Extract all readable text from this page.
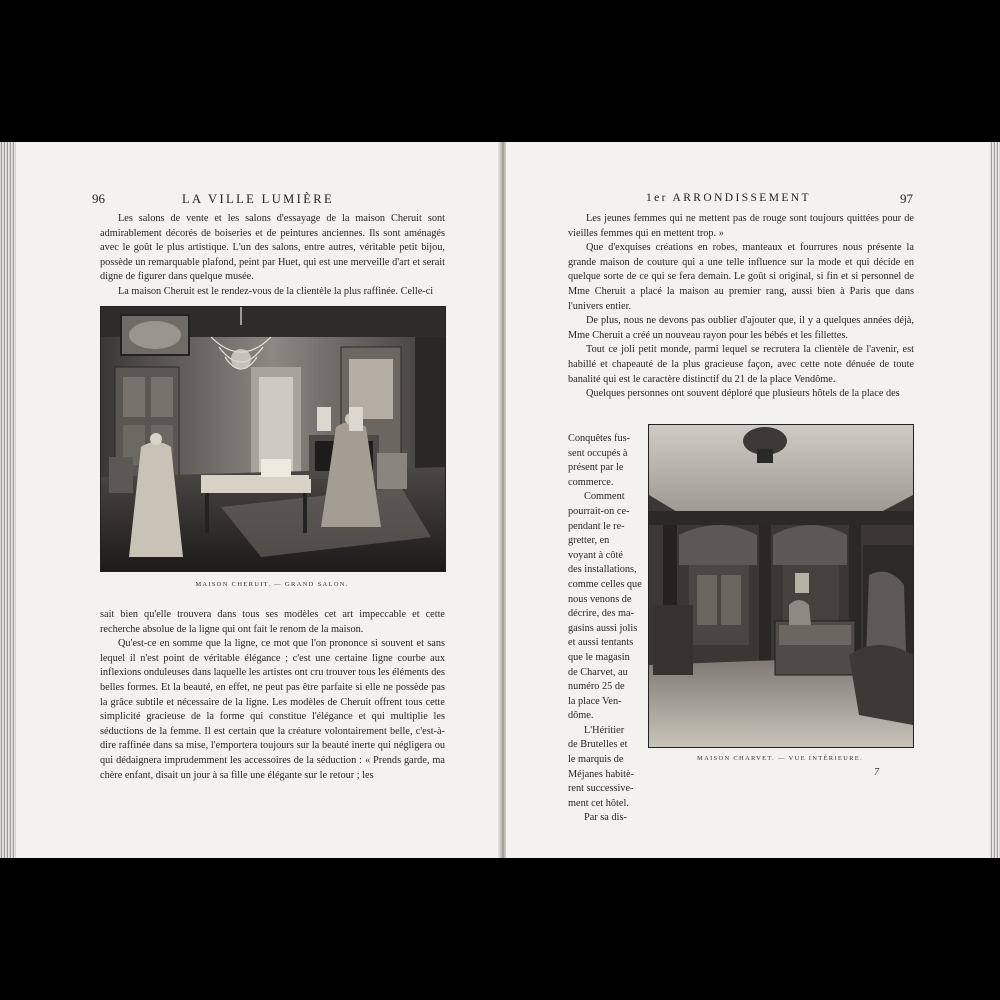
96	LA VILLE LUMIÈRE

Les salons de vente et les salons d'essayage de la maison Cheruit sont admirablement décorés de boiseries et de peintures anciennes. Ils sont aménagés avec le goût le plus artistique. L'un des salons, entre autres, véritable petit bijou, possède un remarquable plafond, peint par Huet, qui est une merveille d'art et serait digne de figurer dans quelque musée.

La maison Cheruit est le rendez-vous de la clientèle la plus raffinée. Celle-ci

MAISON CHERUIT. — GRAND SALON.

sait bien qu'elle trouvera dans tous ses modèles cet art impeccable et cette recherche absolue de la ligne qui ont fait le renom de la maison.

Qu'est-ce en somme que la ligne, ce mot que l'on prononce si souvent et sans lequel il n'est point de véritable élégance ; c'est une certaine ligne courbe aux inflexions onduleuses dans laquelle les artistes ont cru trouver tous les éléments des belles formes. Et la beauté, en effet, ne peut pas être parfaite si elle ne possède pas la grâce subtile et nécessaire de la ligne. Les modèles de Cheruit offrent tous cette simplicité gracieuse de la forme qui constitue l'élégance et qui multiplie les séductions de la femme. Il est certain que la créature volontairement belle, c'est-à-dire raffinée dans sa mise, l'emportera toujours sur la beauté inerte qui négligera ou qui dédaignera imprudemment les accessoires de la séduction : « Prends garde, ma chère enfant, disait un jour à sa fille une élégante sur le retour ; les

1er ARRONDISSEMENT	97

Les jeunes femmes qui ne mettent pas de rouge sont toujours quittées pour de vieilles femmes qui en mettent trop. »

Que d'exquises créations en robes, manteaux et fourrures nous présente la grande maison de couture qui a une telle influence sur la mode et qui décide en quelque sorte de ce qui se fera demain. Le goût si original, si fin et si personnel de Mme Cheruit a placé la maison au premier rang, aussi bien à Paris que dans l'univers entier.

De plus, nous ne devons pas oublier d'ajouter que, il y a quelques années déjà, Mme Cheruit a créé un nouveau rayon pour les bébés et les fillettes.

Tout ce joli petit monde, parmi lequel se recrutera la clientèle de l'avenir, est habillé et chapeauté de la plus gracieuse façon, avec cette note dénuée de toute banalité qui est le caractère distinctif du 21 de la place Vendôme.

Quelques personnes ont souvent déploré que plusieurs hôtels de la place des

Conquêtes fus-
sent occupés à
présent par le
commerce.
Comment
pourrait-on ce-
pendant le re-
gretter, en
voyant à côté
des installations,
comme celles que
nous venons de
décrire, des ma-
gasins aussi jolis
et aussi tentants
que le magasin
de Charvet, au
numéro 25 de
la place Ven-
dôme.
L'Héritier
de Brutelles et
le marquis de
Méjanes habitè-
rent successive-
ment cet hôtel.
Par sa dis-
MAISON CHARVET. — VUE INTÉRIEURE.
7
